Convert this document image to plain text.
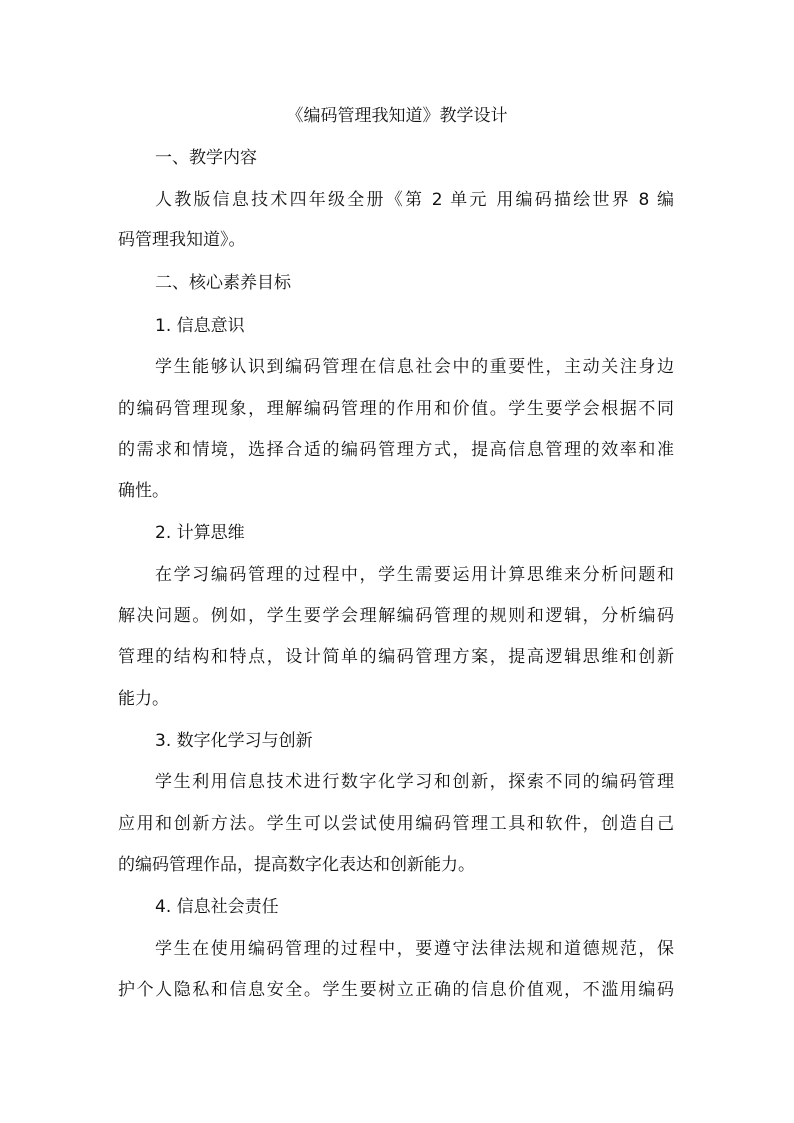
《编码管理我知道》教学设计
一、教学内容
人教版信息技术四年级全册《第 2 单元 用编码描绘世界 8 编
码管理我知道》。
二、核心素养目标
1. 信息意识
学生能够认识到编码管理在信息社会中的重要性，主动关注身边
的编码管理现象，理解编码管理的作用和价值。学生要学会根据不同
的需求和情境，选择合适的编码管理方式，提高信息管理的效率和准
确性。
2. 计算思维
在学习编码管理的过程中，学生需要运用计算思维来分析问题和
解决问题。例如，学生要学会理解编码管理的规则和逻辑，分析编码
管理的结构和特点，设计简单的编码管理方案，提高逻辑思维和创新
能力。
3. 数字化学习与创新
学生利用信息技术进行数字化学习和创新，探索不同的编码管理
应用和创新方法。学生可以尝试使用编码管理工具和软件，创造自己
的编码管理作品，提高数字化表达和创新能力。
4. 信息社会责任
学生在使用编码管理的过程中，要遵守法律法规和道德规范，保
护个人隐私和信息安全。学生要树立正确的信息价值观，不滥用编码
